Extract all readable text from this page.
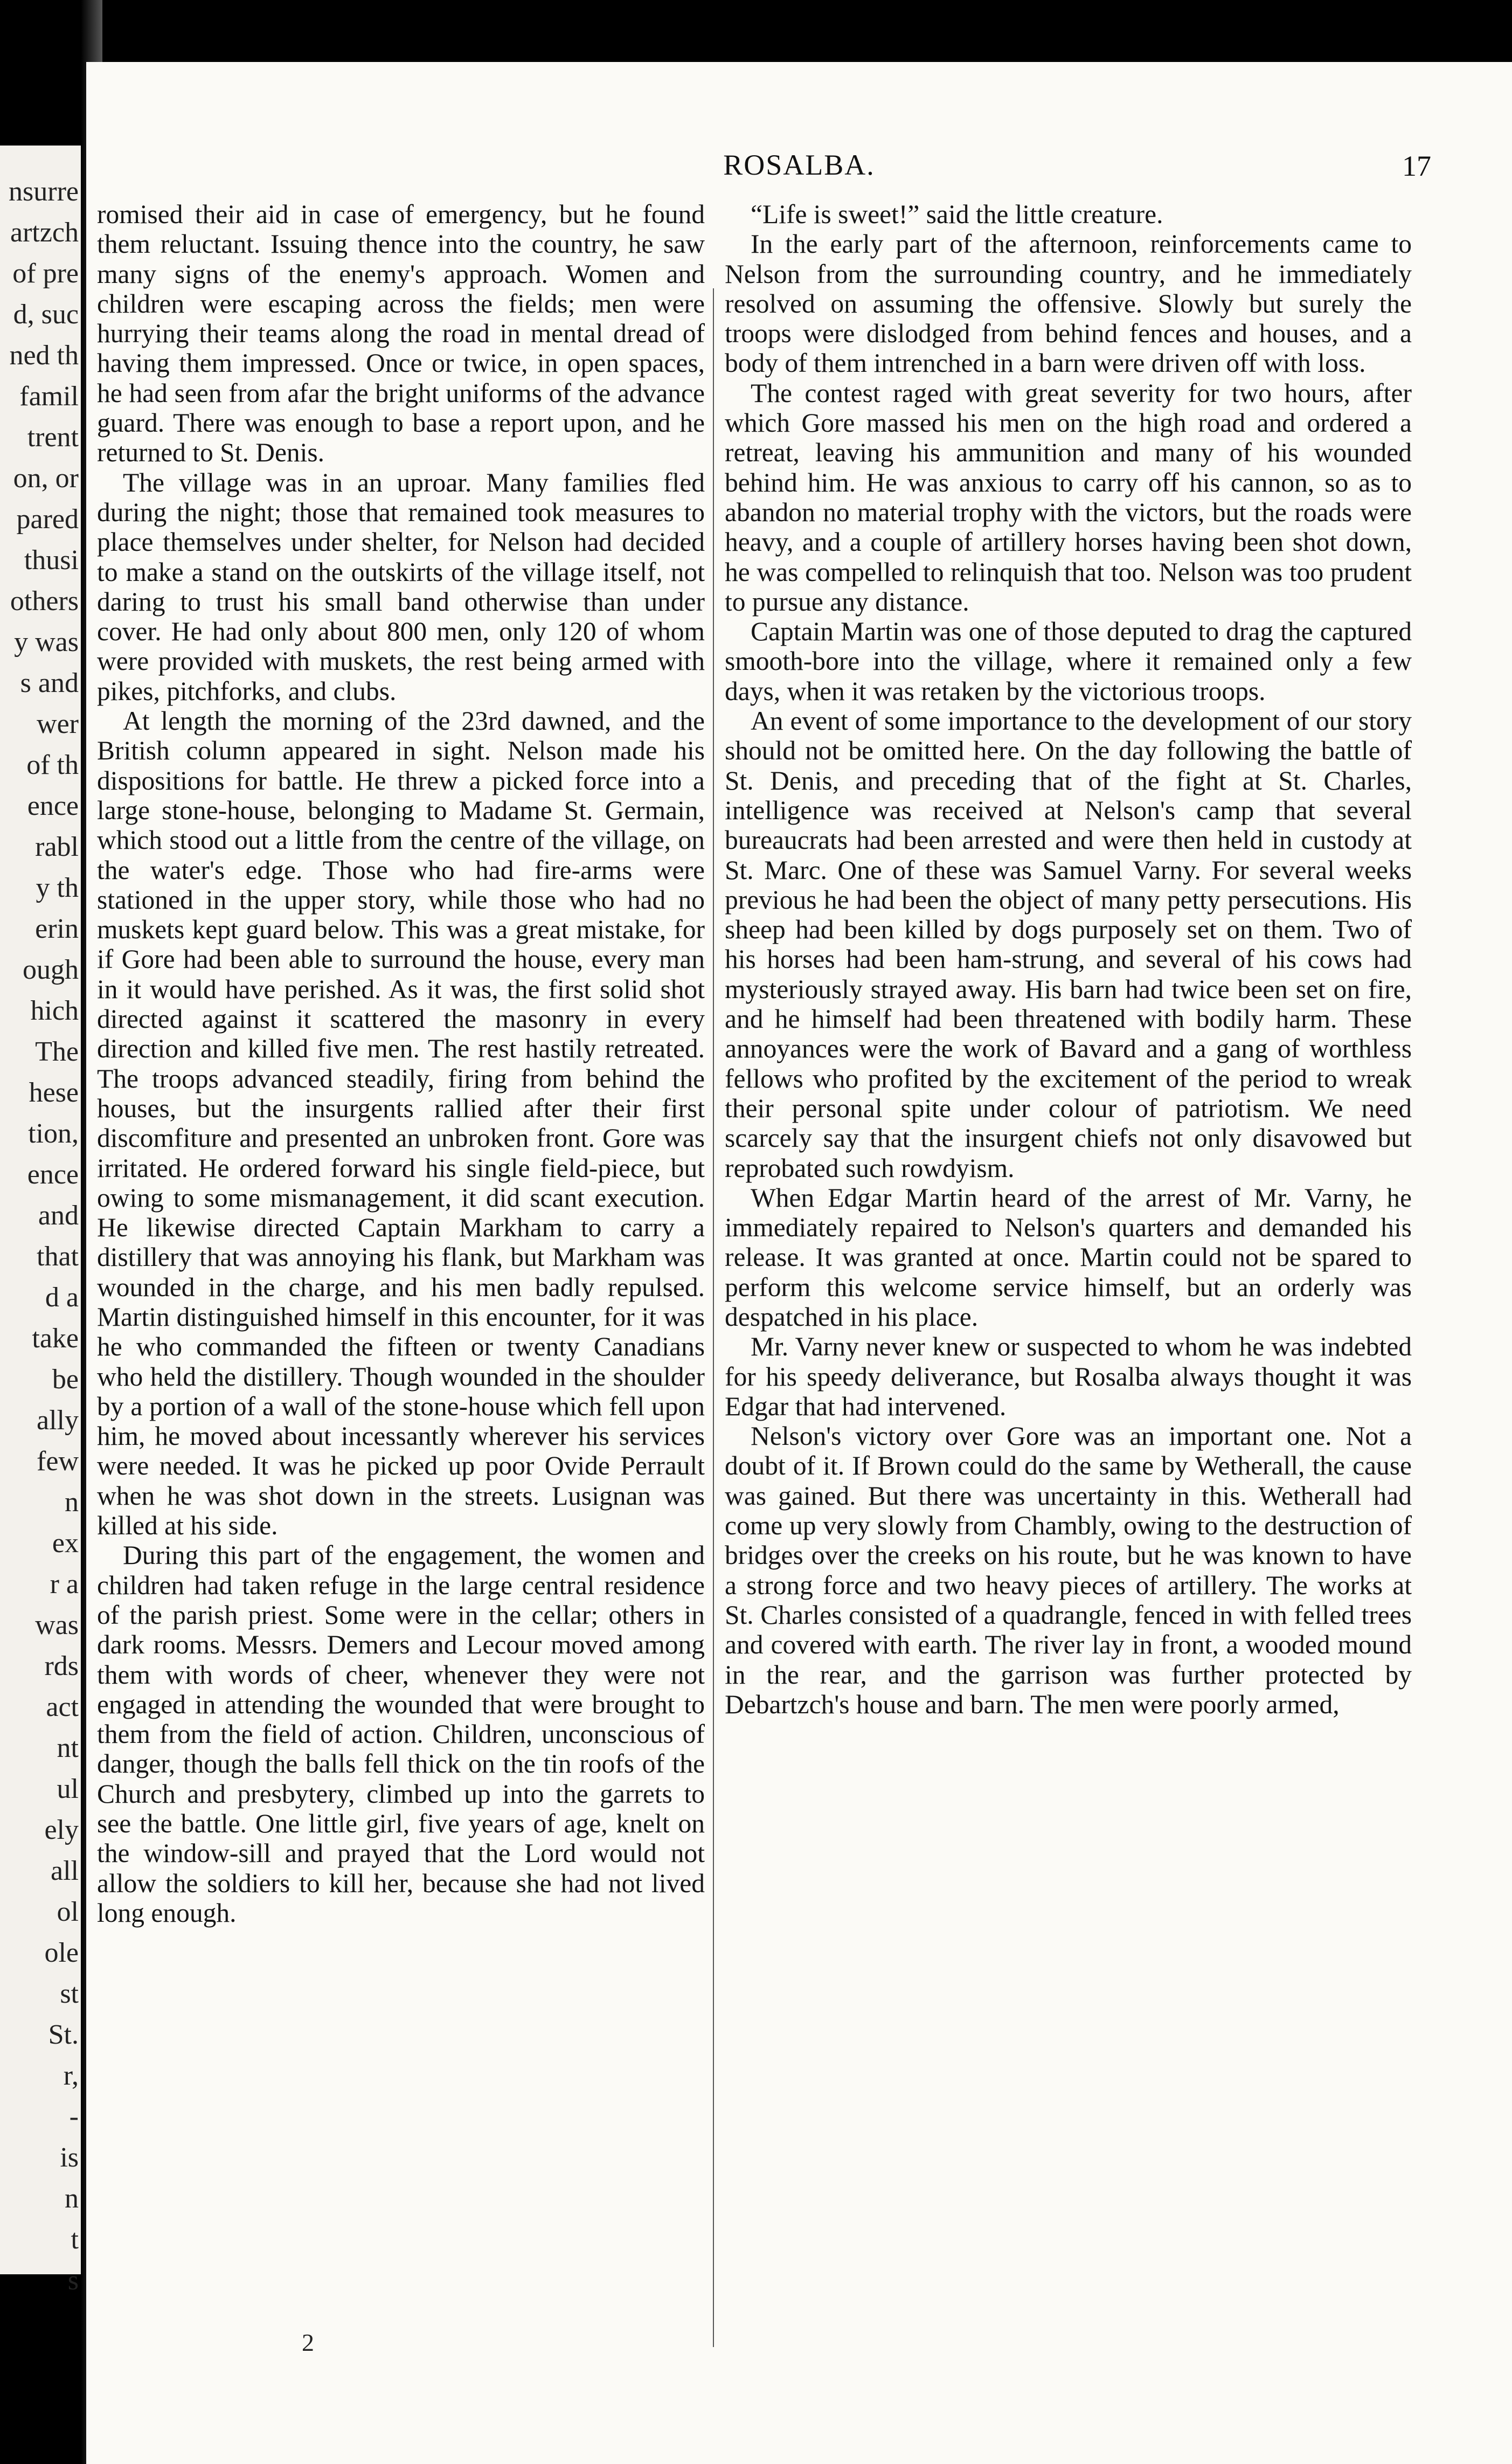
nsurre
artzch
of pre
d, suc
ned th
famil
trent
on, or
pared
thusi
others
y was
s and
wer
of th
ence
rabl
y th
erin
ough
hich
The
hese
tion,
ence
and
that
d a
take
be
ally
few
n
ex
r a
was
rds
act
nt
ul
ely
all
ol
ole
st
St.
r,
-
is
n
t
s
ROSALBA.	17

romised their aid in case of emergency, but he found them reluctant. Issuing thence into the country, he saw many signs of the enemy's approach. Women and children were escaping across the fields; men were hurrying their teams along the road in mental dread of having them impressed. Once or twice, in open spaces, he had seen from afar the bright uniforms of the advance guard. There was enough to base a report upon, and he returned to St. Denis.

The village was in an uproar. Many families fled during the night; those that remained took measures to place themselves under shelter, for Nelson had decided to make a stand on the outskirts of the village itself, not daring to trust his small band otherwise than under cover. He had only about 800 men, only 120 of whom were provided with muskets, the rest being armed with pikes, pitchforks, and clubs.

At length the morning of the 23rd dawned, and the British column appeared in sight. Nelson made his dispositions for battle. He threw a picked force into a large stone-house, belonging to Madame St. Germain, which stood out a little from the centre of the village, on the water's edge. Those who had fire-arms were stationed in the upper story, while those who had no muskets kept guard below. This was a great mistake, for if Gore had been able to surround the house, every man in it would have perished. As it was, the first solid shot directed against it scattered the masonry in every direction and killed five men. The rest hastily retreated. The troops advanced steadily, firing from behind the houses, but the insurgents rallied after their first discomfiture and presented an unbroken front. Gore was irritated. He ordered forward his single field-piece, but owing to some mismanagement, it did scant execution. He likewise directed Captain Markham to carry a distillery that was annoying his flank, but Markham was wounded in the charge, and his men badly repulsed. Martin distinguished himself in this encounter, for it was he who commanded the fifteen or twenty Canadians who held the distillery. Though wounded in the shoulder by a portion of a wall of the stone-house which fell upon him, he moved about incessantly wherever his services were needed. It was he picked up poor Ovide Perrault when he was shot down in the streets. Lusignan was killed at his side.

During this part of the engagement, the women and children had taken refuge in the large central residence of the parish priest. Some were in the cellar; others in dark rooms. Messrs. Demers and Lecour moved among them with words of cheer, whenever they were not engaged in attending the wounded that were brought to them from the field of action. Children, unconscious of danger, though the balls fell thick on the tin roofs of the Church and presbytery, climbed up into the garrets to see the battle. One little girl, five years of age, knelt on the window-sill and prayed that the Lord would not allow the soldiers to kill her, because she had not lived long enough.

“Life is sweet!” said the little creature.

In the early part of the afternoon, reinforcements came to Nelson from the surrounding country, and he immediately resolved on assuming the offensive. Slowly but surely the troops were dislodged from behind fences and houses, and a body of them intrenched in a barn were driven off with loss.

The contest raged with great severity for two hours, after which Gore massed his men on the high road and ordered a retreat, leaving his ammunition and many of his wounded behind him. He was anxious to carry off his cannon, so as to abandon no material trophy with the victors, but the roads were heavy, and a couple of artillery horses having been shot down, he was compelled to relinquish that too. Nelson was too prudent to pursue any distance.

Captain Martin was one of those deputed to drag the captured smooth-bore into the village, where it remained only a few days, when it was retaken by the victorious troops.

An event of some importance to the development of our story should not be omitted here. On the day following the battle of St. Denis, and preceding that of the fight at St. Charles, intelligence was received at Nelson's camp that several bureaucrats had been arrested and were then held in custody at St. Marc. One of these was Samuel Varny. For several weeks previous he had been the object of many petty persecutions. His sheep had been killed by dogs purposely set on them. Two of his horses had been ham-strung, and several of his cows had mysteriously strayed away. His barn had twice been set on fire, and he himself had been threatened with bodily harm. These annoyances were the work of Bavard and a gang of worthless fellows who profited by the excitement of the period to wreak their personal spite under colour of patriotism. We need scarcely say that the insurgent chiefs not only disavowed but reprobated such rowdyism.

When Edgar Martin heard of the arrest of Mr. Varny, he immediately repaired to Nelson's quarters and demanded his release. It was granted at once. Martin could not be spared to perform this welcome service himself, but an orderly was despatched in his place.

Mr. Varny never knew or suspected to whom he was indebted for his speedy deliverance, but Rosalba always thought it was Edgar that had intervened.

Nelson's victory over Gore was an important one. Not a doubt of it. If Brown could do the same by Wetherall, the cause was gained. But there was uncertainty in this. Wetherall had come up very slowly from Chambly, owing to the destruction of bridges over the creeks on his route, but he was known to have a strong force and two heavy pieces of artillery. The works at St. Charles consisted of a quadrangle, fenced in with felled trees and covered with earth. The river lay in front, a wooded mound in the rear, and the garrison was further protected by Debartzch's house and barn. The men were poorly armed,

2
